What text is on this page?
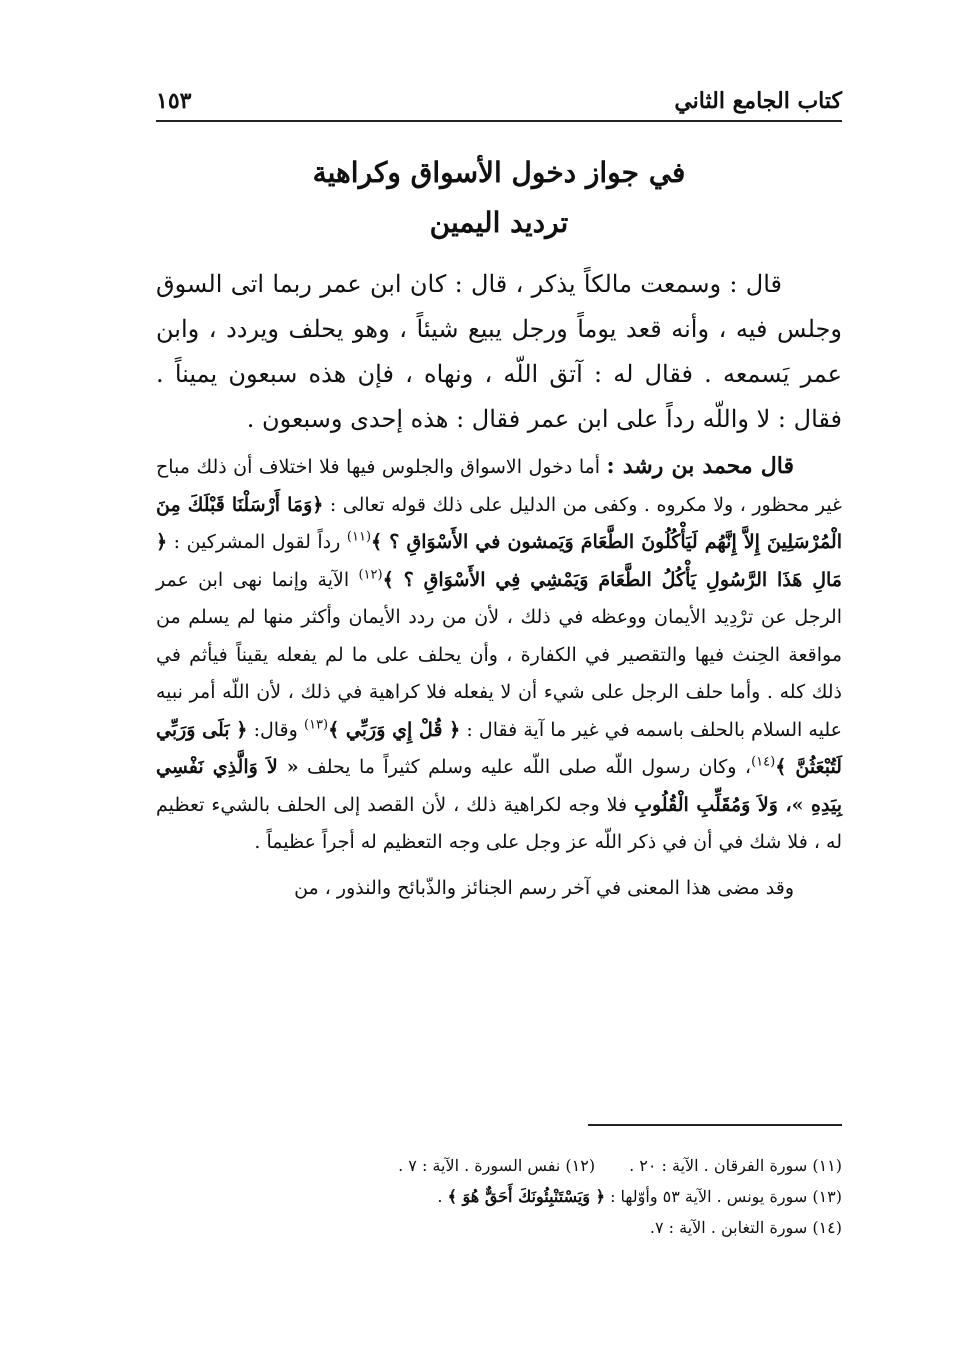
كتاب الجامع الثاني
١٥٣
في جواز دخول الأسواق وكراهية
ترديد اليمين

قال : وسمعت مالكاً يذكر ، قال : كان ابن عمر ربما اتى السوق وجلس فيه ، وأنه قعد يوماً ورجل يبيع شيئاً ، وهو يحلف ويردد ، وابن عمر يَسمعه . فقال له : آتق اللّه ، ونهاه ، فإن هذه سبعون يميناً . فقال : لا واللّه رداً على ابن عمر فقال : هذه إحدى وسبعون .

قال محمد بن رشد : أما دخول الاسواق والجلوس فيها فلا اختلاف أن ذلك مباح غير محظور ، ولا مكروه . وكفى من الدليل على ذلك قوله تعالى : ﴿وَمَا أَرْسَلْنَا قَبْلَكَ مِنَ الْمُرْسَلِينَ إِلاَّ إِنَّهُم لَيَأْكُلُونَ الطَّعَامَ وَيَمشون في الأَسْوَاقِ ؟ ﴾$^{(١١)}$ رداً لقول المشركين : ﴿ مَالِ هَذَا الرَّسُولِ يَأْكُلُ الطَّعَامَ وَيَمْشِي فِي الأَسْوَاقِ ؟ ﴾$^{(١٢)}$ الآية وإنما نهى ابن عمر الرجل عن ترْدِيد الأيمان ووعظه في ذلك ، لأن من ردد الأيمان وأكثر منها لم يسلم من مواقعة الحِنث فيها والتقصير في الكفارة ، وأن يحلف على ما لم يفعله يقيناً فيأثم في ذلك كله . وأما حلف الرجل على شيء أن لا يفعله فلا كراهية في ذلك ، لأن اللّه أمر نبيه عليه السلام بالحلف باسمه في غير ما آية فقال : ﴿ قُلْ إِي وَرَبِّي ﴾$^{(١٣)}$ وقال: ﴿ بَلَى وَرَبِّي لَتُبْعَثُنَّ ﴾$^{(١٤)}$، وكان رسول اللّه صلى اللّه عليه وسلم كثيراً ما يحلف « لاَ وَالَّذِي نَفْسِي بِيَدِهِ »، وَلاَ وَمُقَلِّبِ الْقُلُوبِ فلا وجه لكراهية ذلك ، لأن القصد إلى الحلف بالشيء تعظيم له ، فلا شك في أن في ذكر اللّه عز وجل على وجه التعظيم له أجراً عظيماً .

وقد مضى هذا المعنى في آخر رسم الجنائز والذّبائح والنذور ، من

(١١) سورة الفرقان . الآية : ٢٠ .(١٢) نفس السورة . الآية : ٧ .
(١٣) سورة يونس . الآية ٥٣ وأوّلها : ﴿ وَيَسْتَنْبِئُونَكَ أَحَقٌّ هُوَ ﴾ .
(١٤) سورة التغابن . الآية : ٧.
